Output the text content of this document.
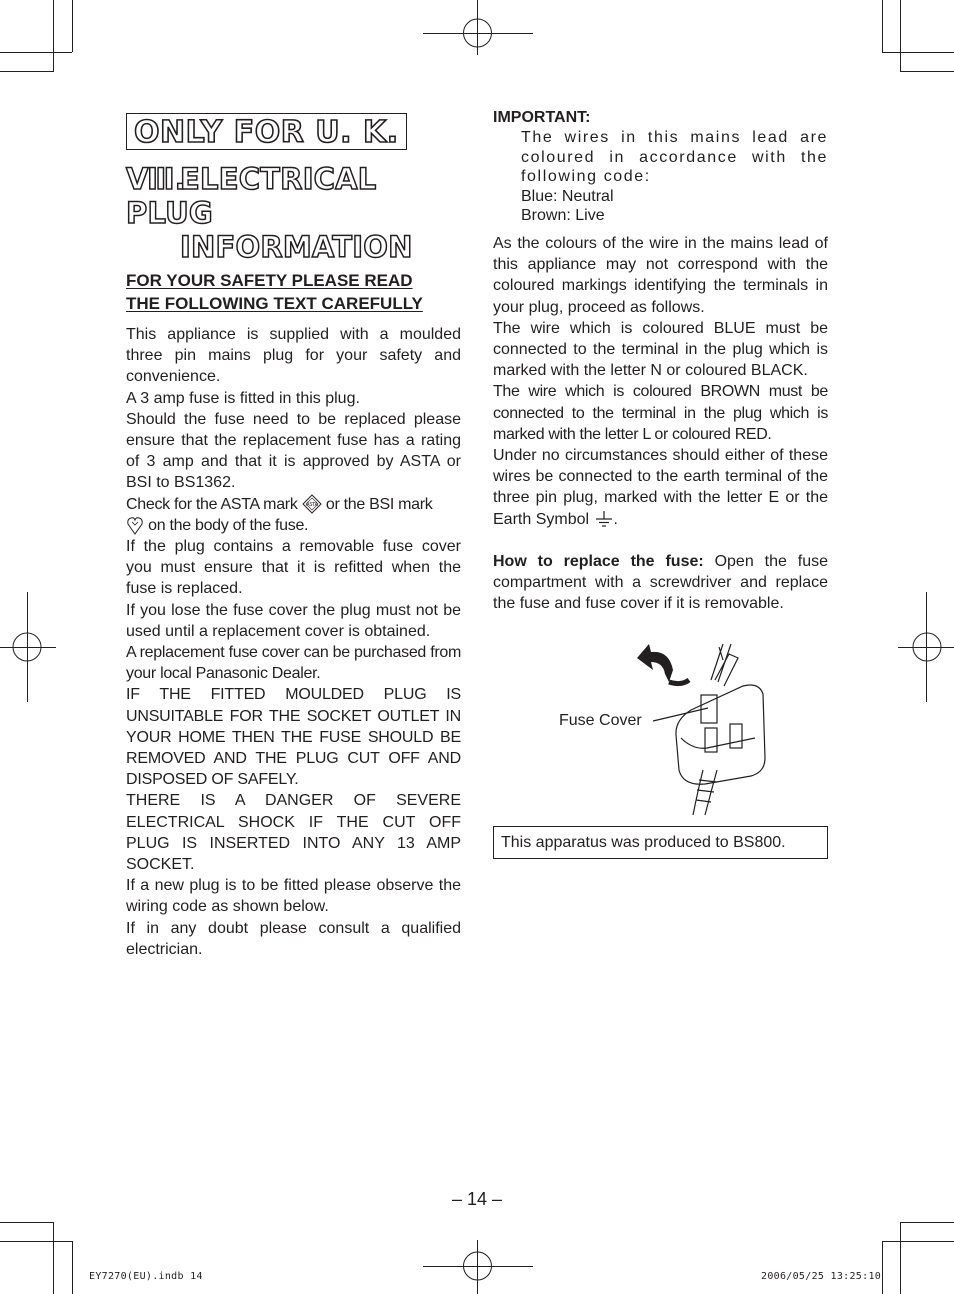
ONLY FOR U. K.
Ⅷ.ELECTRICAL PLUG
INFORMATION
FOR YOUR SAFETY PLEASE READ
THE FOLLOWING TEXT CAREFULLY

This appliance is supplied with a moulded three pin mains plug for your safety and convenience.

A 3 amp fuse is fitted in this plug.

Should the fuse need to be replaced please ensure that the replacement fuse has a rating of 3 amp and that it is approved by ASTA or BSI to BS1362.

Check for the ASTA mark ASTA or the BSI mark
on the body of the fuse.

If the plug contains a removable fuse cover you must ensure that it is refitted when the fuse is replaced.

If you lose the fuse cover the plug must not be used until a replacement cover is obtained.

A replacement fuse cover can be purchased from your local Panasonic Dealer.

IF THE FITTED MOULDED PLUG IS UNSUITABLE FOR THE SOCKET OUTLET IN YOUR HOME THEN THE FUSE SHOULD BE REMOVED AND THE PLUG CUT OFF AND DISPOSED OF SAFELY.

THERE IS A DANGER OF SEVERE ELECTRICAL SHOCK IF THE CUT OFF PLUG IS INSERTED INTO ANY 13 AMP SOCKET.

If a new plug is to be fitted please observe the wiring code as shown below.

If in any doubt please consult a qualified electrician.

IMPORTANT:
The wires in this mains lead are coloured in accordance with the following code:
Blue: Neutral
Brown: Live

As the colours of the wire in the mains lead of this appliance may not correspond with the coloured markings identifying the terminals in your plug, proceed as follows.

The wire which is coloured BLUE must be connected to the terminal in the plug which is marked with the letter N or coloured BLACK.

The wire which is coloured BROWN must be connected to the terminal in the plug which is marked with the letter L or coloured RED.

Under no circumstances should either of these wires be connected to the earth terminal of the three pin plug, marked with the letter E or the Earth Symbol .

How to replace the fuse: Open the fuse compartment with a screwdriver and replace the fuse and fuse cover if it is removable.
Fuse Cover
This apparatus was produced to BS800.
– 14 –
EY7270(EU).indb 14	2006/05/25 13:25:10
